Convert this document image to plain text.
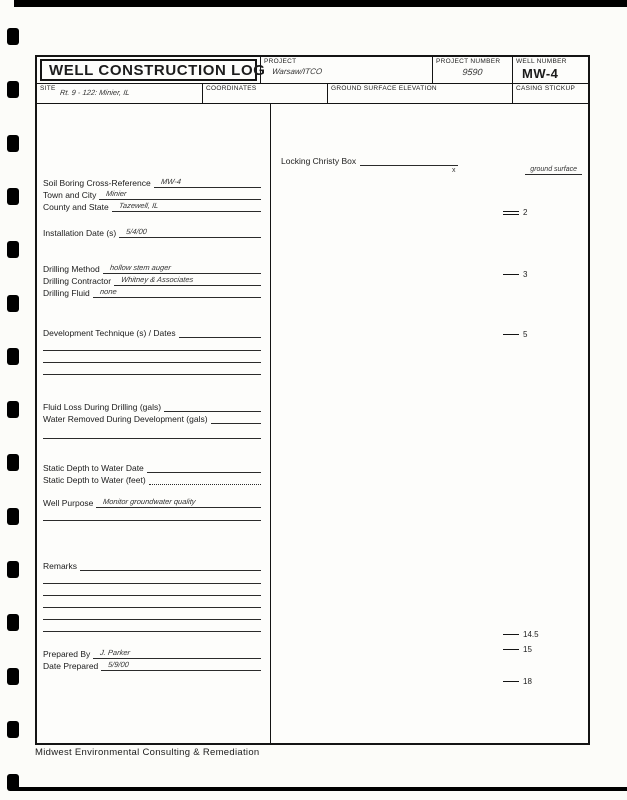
WELL CONSTRUCTION LOG
PROJECT
Warsaw/ITCO
PROJECT NUMBER
9590
WELL NUMBER
MW-4
SITE Rt. 9 - 122: Minier, IL	COORDINATES	GROUND SURFACE ELEVATION	CASING STICKUP
Soil Boring Cross-Reference	MW-4
Town and City	Minier
County and State	Tazewell, IL
Installation Date (s)	5/4/00
Drilling Method	hollow stem auger
Drilling Contractor	Whitney & Associates
Drilling Fluid	none
Development Technique (s) / Dates
Fluid Loss During Drilling (gals)
Water Removed During Development (gals)
Static Depth to Water Date
Static Depth to Water (feet)
Well Purpose	Monitor groundwater quality
Remarks
Prepared By	J. Parker
Date Prepared	5/9/00
Locking Christy Box
x	ground surface
2
3
5
14.5
15
18
Midwest Environmental Consulting & Remediation
